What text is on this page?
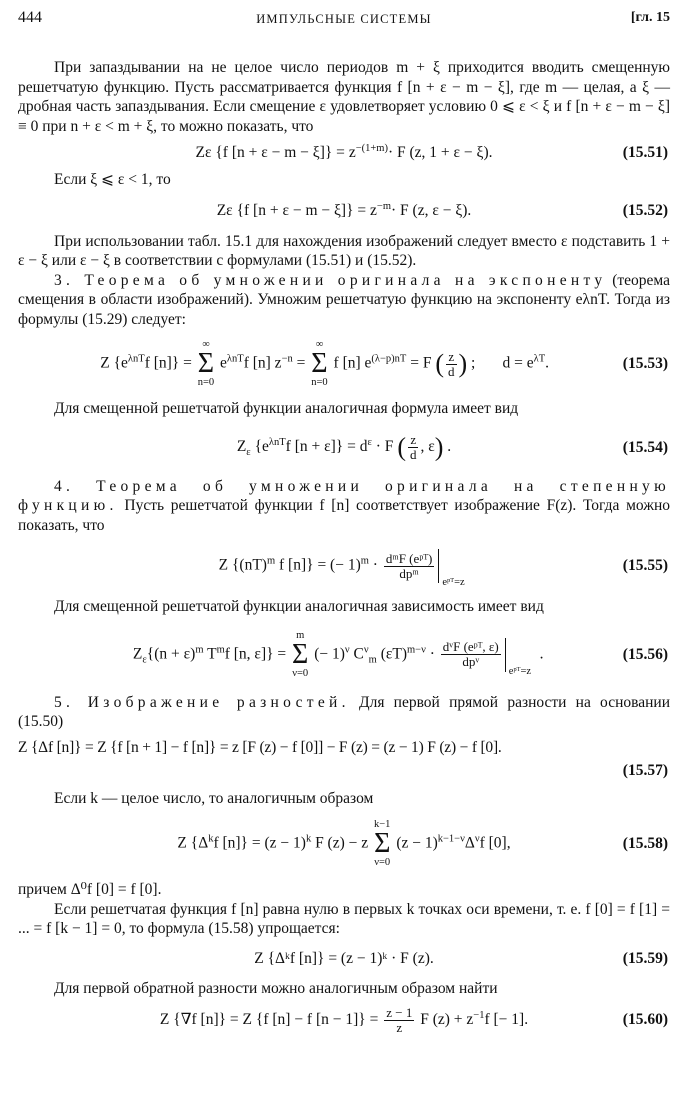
444	ИМПУЛЬСНЫЕ СИСТЕМЫ	[гл. 15

При запаздывании на не целое число периодов m + ξ приходится вводить смещенную решетчатую функцию. Пусть рассматривается функция f [n + ε − m − ξ], где m — целая, а ξ — дробная часть запаздывания. Если смещение ε удовлетворяет условию 0 ⩽ ε < ξ и f [n + ε − m − ξ] ≡ 0 при n + ε < m + ξ, то можно показать, что

Zε {f $[n + \varepsilon - m - \xi]\} = z^{-(1+m)}\cdot F$ (z, 1 + ε − ξ).	(15.51)

Если ξ ⩽ ε < 1, то

Zε {f $[n + \varepsilon - m - \xi]\} = z^{-m}\cdot F$ (z, ε − ξ).	(15.52)

При использовании табл. 15.1 для нахождения изображений следует вместо ε подставить 1 + ε − ξ или ε − ξ в соответствии с формулами (15.51) и (15.52).

3. Теорема об умножении оригинала на экспоненту (теорема смещения в области изображений). Умножим решетчатую функцию на экспоненту eλnT. Тогда из формулы (15.29) следует:

Z {$e^{\lambda nT}f$ [n]} =
∞
Σ
n=0
$e^{\lambda nT}f$ [n] $z^{-n}$ =
∞
Σ
n=0
f [n] $e^{(\lambda-p)nT} = F$ ( $\frac{z}{d}$ ) ;       $d = e^{\lambda T}$.	(15.53)

Для смещенной решетчатой функции аналогичная формула имеет вид

$Z_\varepsilon$ {$e^{\lambda nT}f$ $[n + \varepsilon]\} = d^\varepsilon \cdot F$ ( $\frac{z}{d}$ , ε) .	(15.54)

4. Теорема об умножении оригинала на степенную функцию. Пусть решетчатой функции f [n] соответствует изображение F(z). Тогда можно показать, что

Z {(nT)$^m$ f [n]} = (− $1)^m \cdot \frac{\text{dᵐF (eᵖᵀ)}}{\text{dpᵐ}}$
eᵖᵀ=z
(15.55)

Для смещенной решетчатой функции аналогичная зависимость имеет вид

$Z_\varepsilon\{(n + \varepsilon)^m$ $T^mf$ [n, ε]} =
m
Σ
ν=0
(− 1)$^\nu$ $C^\nu_m$ $(\varepsilon T)^{m-\nu} \cdot \frac{\text{dᵛF (eᵖᵀ, ε)}}{\text{dpᵛ}}$
eᵖᵀ=z
.	(15.56)

5. Изображение разностей. Для первой прямой разности на основании (15.50)

Z {Δf [n]} = Z {f [n + 1] − f [n]} = z [F (z) − f [0]] − F (z) = (z − 1) F (z) − f [0].
(15.57)

Если k — целое число, то аналогичным образом

Z {$\Delta^kf$ $[n]\} = (z - 1)^k$ F (z) − z
k−1
Σ
ν=0
$(z - 1)^{k-1-\nu}\Delta^\nu f$ [0],	(15.58)

причем Δ⁰f [0] = f [0].

Если решетчатая функция f [n] равна нулю в первых k точках оси времени, т. е. f [0] = f [1] = ... = f [k − 1] = 0, то формула (15.58) упрощается:

Z {Δᵏf [n]} = (z − 1)ᵏ · F (z).	(15.59)

Для первой обратной разности можно аналогичным образом найти

Z {∇f [n]} = Z {f [n] − f $[n - 1]\} = \frac{z - 1}{z}$ F $(z) + z^{-1}f$ [− 1].	(15.60)
